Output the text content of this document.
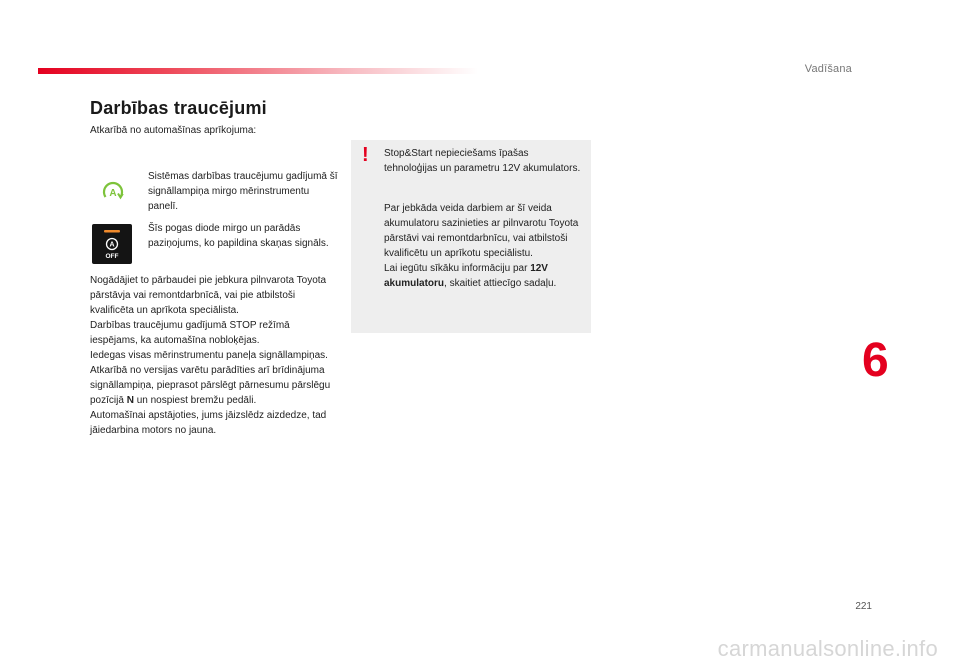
Vadīšana
Darbības traucējumi
Atkarībā no automašīnas aprīkojuma:
A
Sistēmas darbības traucējumu gadījumā šī signāllampiņa mirgo mērinstrumentu panelī.
A
OFF
Šīs pogas diode mirgo un parādās paziņojums, ko papildina skaņas signāls.

Nogādājiet to pārbaudei pie jebkura pilnvarota Toyota pārstāvja vai remontdarbnīcā, vai pie atbilstoši kvalificēta un aprīkota speciālista.

Darbības traucējumu gadījumā STOP režīmā iespējams, ka automašīna nobloķējas.

Iedegas visas mērinstrumentu paneļa signāllampiņas.

Atkarībā no versijas varētu parādīties arī brīdinājuma signāllampiņa, pieprasot pārslēgt pārnesumu pārslēgu pozīcijā N un nospiest bremžu pedāli.

Automašīnai apstājoties, jums jāizslēdz aizdedze, tad jāiedarbina motors no jauna.

!	Stop&Start nepieciešams īpašas tehnoloģijas un parametru 12V akumulators.
Par jebkāda veida darbiem ar šī veida akumulatoru sazinieties ar pilnvarotu Toyota pārstāvi vai remontdarbnīcu, vai atbilstoši kvalificētu un aprīkotu speciālistu.
Lai iegūtu sīkāku informāciju par 12V akumulatoru, skaitiet attiecīgo sadaļu.
6
221
carmanualsonline.info
